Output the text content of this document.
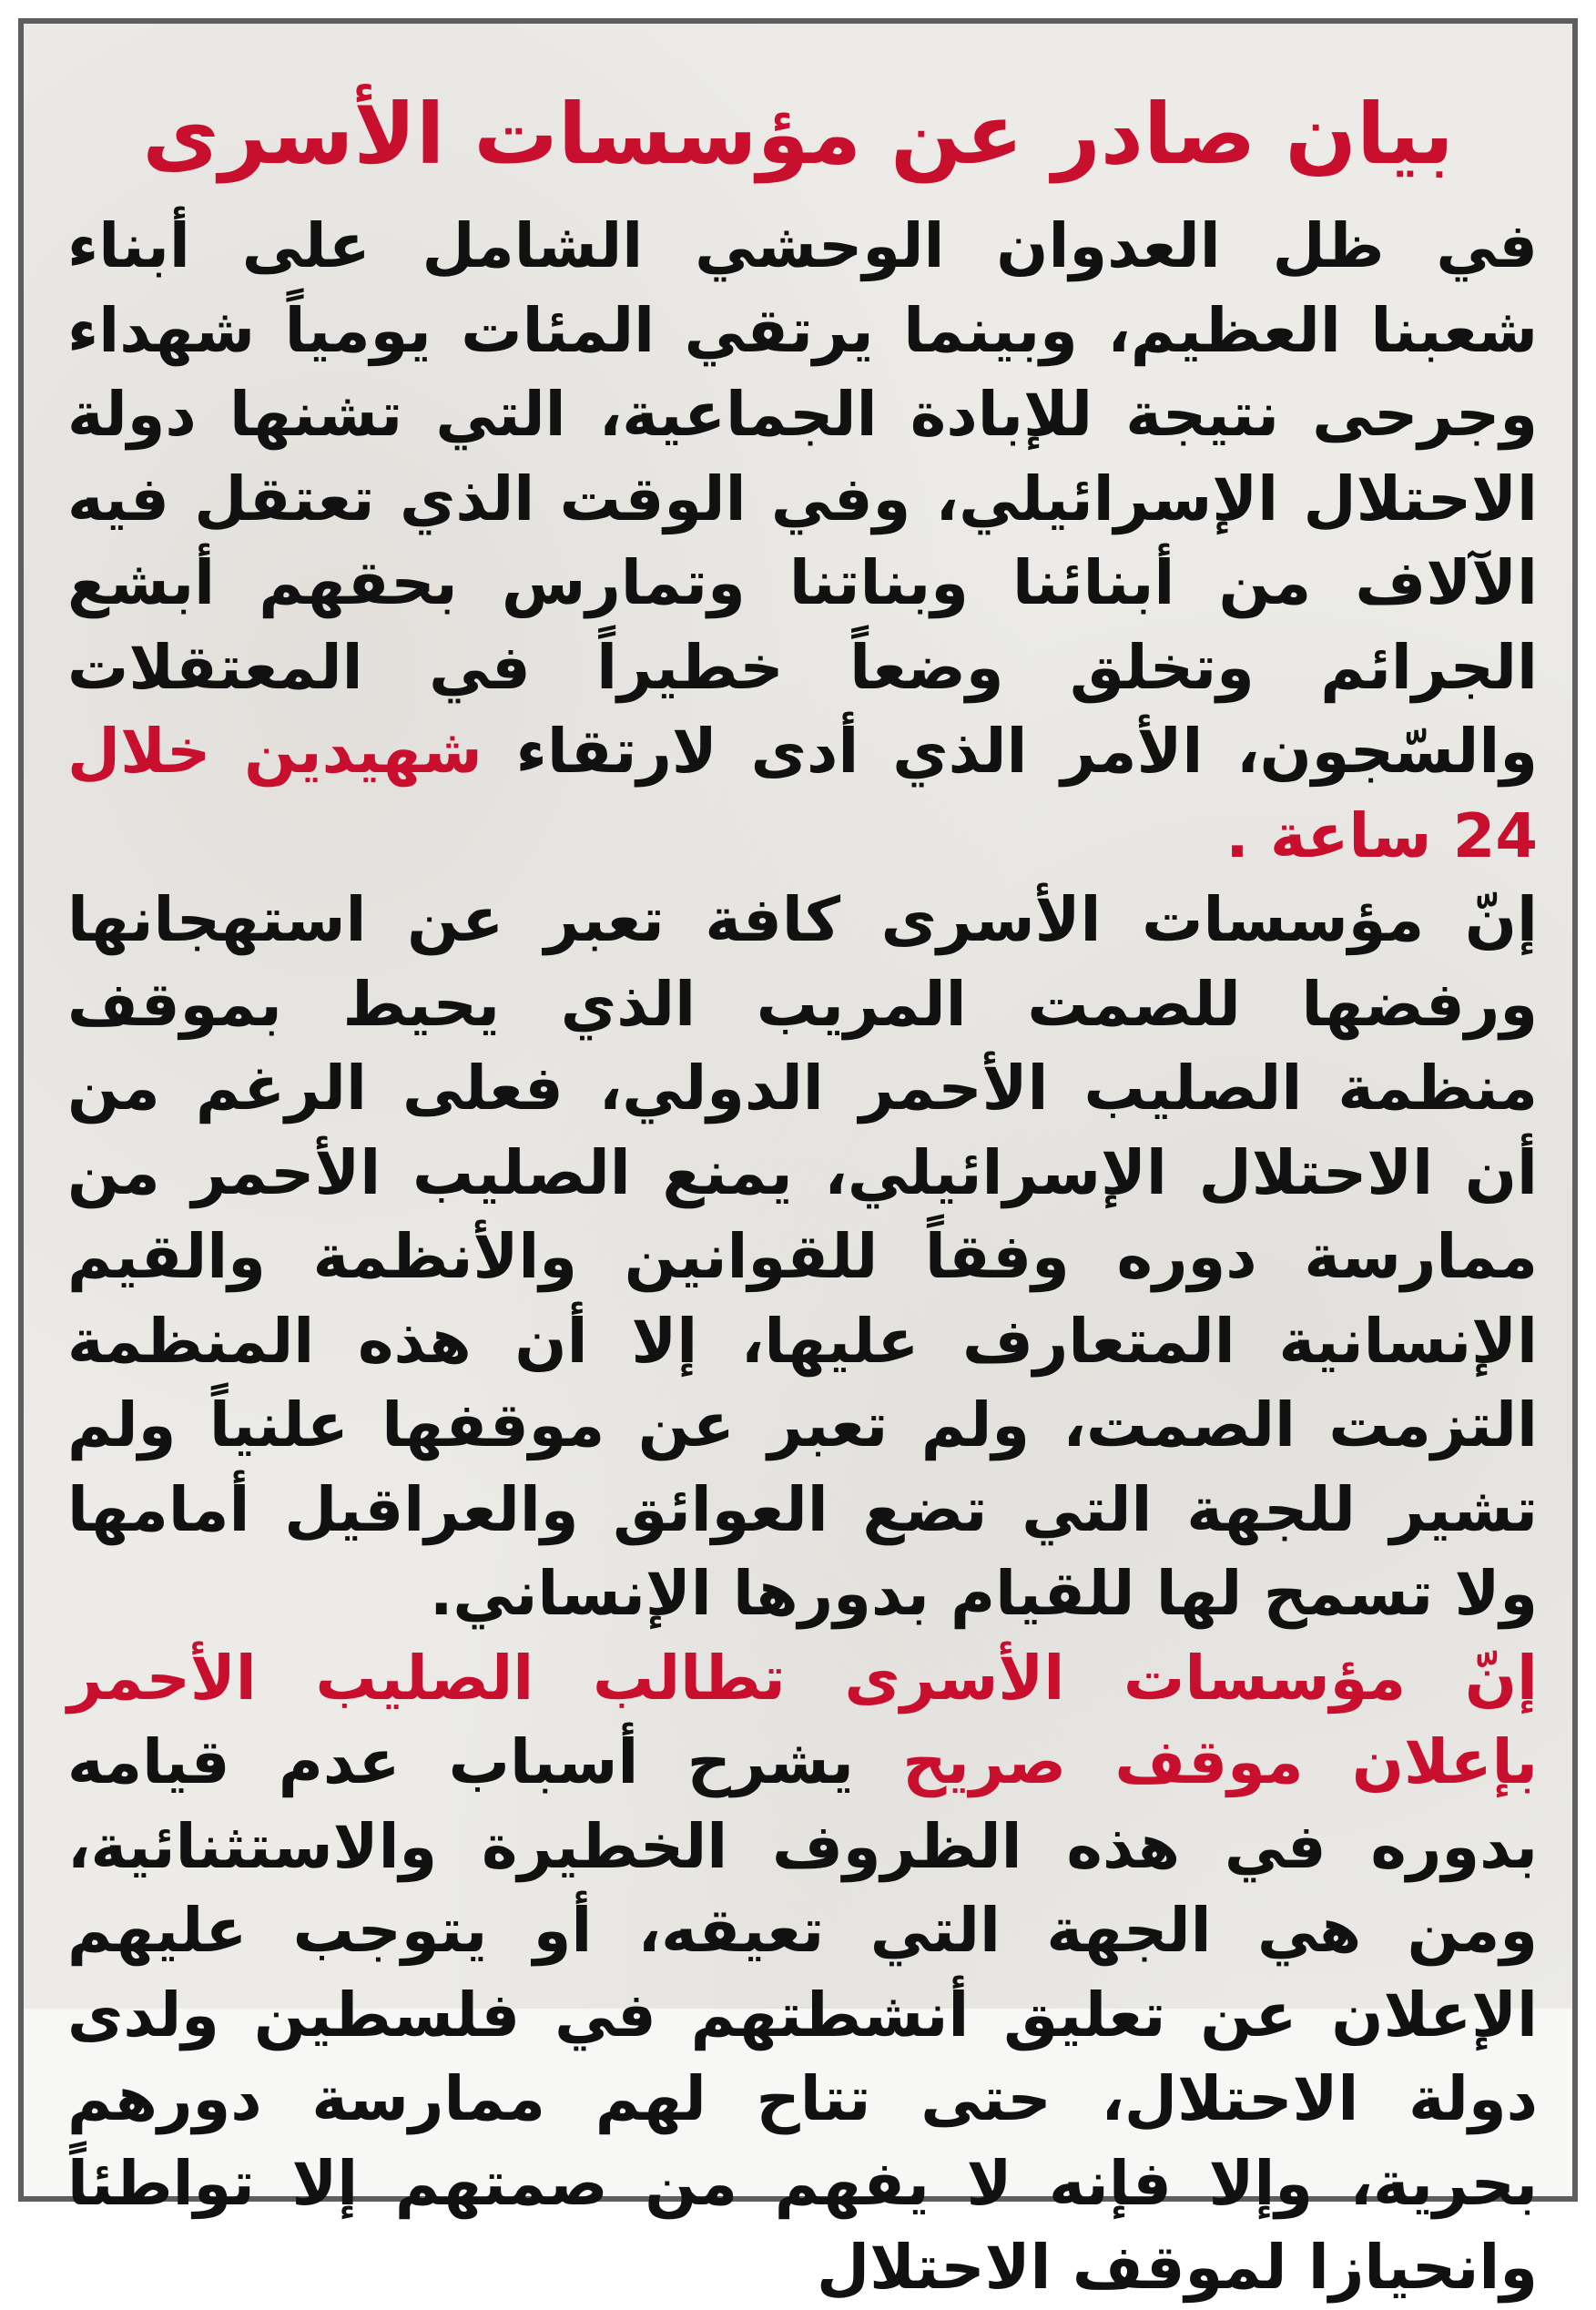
بيان صادر عن مؤسسات الأسرى

في ظل العدوان الوحشي الشامل على أبناء شعبنا العظيم، وبينما يرتقي المئات يومياً شهداء وجرحى نتيجة للإبادة الجماعية، التي تشنها دولة الاحتلال الإسرائيلي، وفي الوقت الذي تعتقل فيه الآلاف من أبنائنا وبناتنا وتمارس بحقهم أبشع الجرائم وتخلق وضعاً خطيراً في المعتقلات والسّجون، الأمر الذي أدى لارتقاء شهيدين خلال 24 ساعة .

إنّ مؤسسات الأسرى كافة تعبر عن استهجانها ورفضها للصمت المريب الذي يحيط بموقف منظمة الصليب الأحمر الدولي، فعلى الرغم من أن الاحتلال الإسرائيلي، يمنع الصليب الأحمر من ممارسة دوره وفقاً للقوانين والأنظمة والقيم الإنسانية المتعارف عليها، إلا أن هذه المنظمة التزمت الصمت، ولم تعبر عن موقفها علنياً ولم تشير للجهة التي تضع العوائق والعراقيل أمامها ولا تسمح لها للقيام بدورها الإنساني.

إنّ مؤسسات الأسرى تطالب الصليب الأحمر بإعلان موقف صريح يشرح أسباب عدم قيامه بدوره في هذه الظروف الخطيرة والاستثنائية، ومن هي الجهة التي تعيقه، أو يتوجب عليهم الإعلان عن تعليق أنشطتهم في فلسطين ولدى دولة الاحتلال، حتى تتاح لهم ممارسة دورهم بحرية، وإلا فإنه لا يفهم من صمتهم إلا تواطئاً وانحيازا لموقف الاحتلال
